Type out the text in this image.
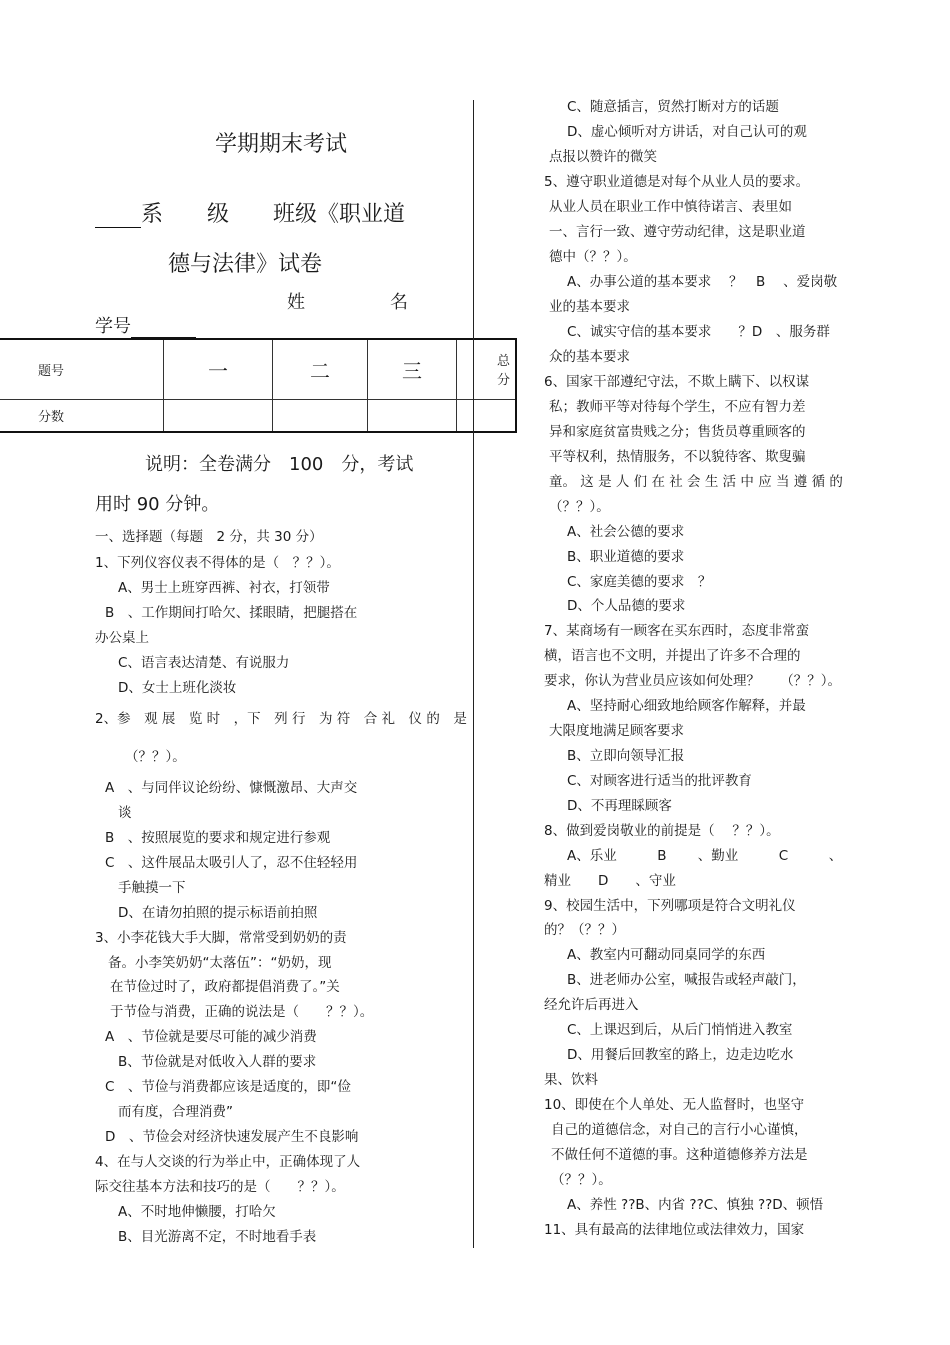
学期期末考试
系　　级　　班级《职业道
德与法律》试卷
姓	名
学号
题号	一	二	三	总分
分数				
说明：全卷满分　100　分，考试
用时 90 分钟。
一、选择题（每题　2 分，共 30 分）
1、下列仪容仪表不得体的是（　？？）。
A、男士上班穿西裤、衬衣，打领带
B　、工作期间打哈欠、揉眼睛，把腿搭在
办公桌上
C、语言表达清楚、有说服力
D、女士上班化淡妆
2、参　观 展　览 时　，下　列 行　为 符　合 礼　仪 的　是
（？？）。
A　、与同伴议论纷纷、慷慨激昂、大声交
谈
B　、按照展览的要求和规定进行参观
C　、这件展品太吸引人了，忍不住轻轻用
手触摸一下
D、在请勿拍照的提示标语前拍照
3、小李花钱大手大脚，常常受到奶奶的责
备。小李笑奶奶“太落伍”：“奶奶，现
在节俭过时了，政府都提倡消费了。”关
于节俭与消费，正确的说法是（　　？？）。
A　、节俭就是要尽可能的减少消费
B、节俭就是对低收入人群的要求
C　、节俭与消费都应该是适度的，即“俭
而有度，合理消费”
D　、节俭会对经济快速发展产生不良影响
4、在与人交谈的行为举止中，正确体现了人
际交往基本方法和技巧的是（　　？？）。
A、不时地伸懒腰，打哈欠
B、目光游离不定，不时地看手表
C、随意插言，贸然打断对方的话题
D、虚心倾听对方讲话，对自己认可的观
点报以赞许的微笑
5、遵守职业道德是对每个从业人员的要求。
从业人员在职业工作中慎待诺言、表里如
一、言行一致、遵守劳动纪律，这是职业道
德中（？？）。
A、办事公道的基本要求　 ？　B　 、爱岗敬
业的基本要求
C、诚实守信的基本要求　　？D　、服务群
众的基本要求
6、国家干部遵纪守法，不欺上瞒下、以权谋
私；教师平等对待每个学生，不应有智力差
异和家庭贫富贵贱之分；售货员尊重顾客的
平等权利，热情服务，不以貌待客、欺叟骗
童。 这 是 人 们 在 社 会 生 活 中 应 当 遵 循 的
（？？）。
A、社会公德的要求
B、职业道德的要求
C、家庭美德的要求　？
D、个人品德的要求
7、某商场有一顾客在买东西时，态度非常蛮
横，语言也不文明，并提出了许多不合理的
要求，你认为营业员应该如何处理？　　（？？）。
A、坚持耐心细致地给顾客作解释，并最
大限度地满足顾客要求
B、立即向领导汇报
C、对顾客进行适当的批评教育
D、不再理睬顾客
8、做到爱岗敬业的前提是（　 ？？）。
A、乐业　　　B　　 、勤业　　　C　　　、
精业　　D　　、守业
9、校园生活中，下列哪项是符合文明礼仪
的？（？？）
A、教室内可翻动同桌同学的东西
B、进老师办公室，喊报告或轻声敲门，
经允许后再进入
C、上课迟到后，从后门悄悄进入教室
D、用餐后回教室的路上，边走边吃水
果、饮料
10、即使在个人单处、无人监督时，也坚守
自己的道德信念，对自己的言行小心谨慎，
不做任何不道德的事。这种道德修养方法是
（？？）。
A、养性 ??B、内省 ??C、慎独 ??D、顿悟
11、具有最高的法律地位或法律效力，国家
